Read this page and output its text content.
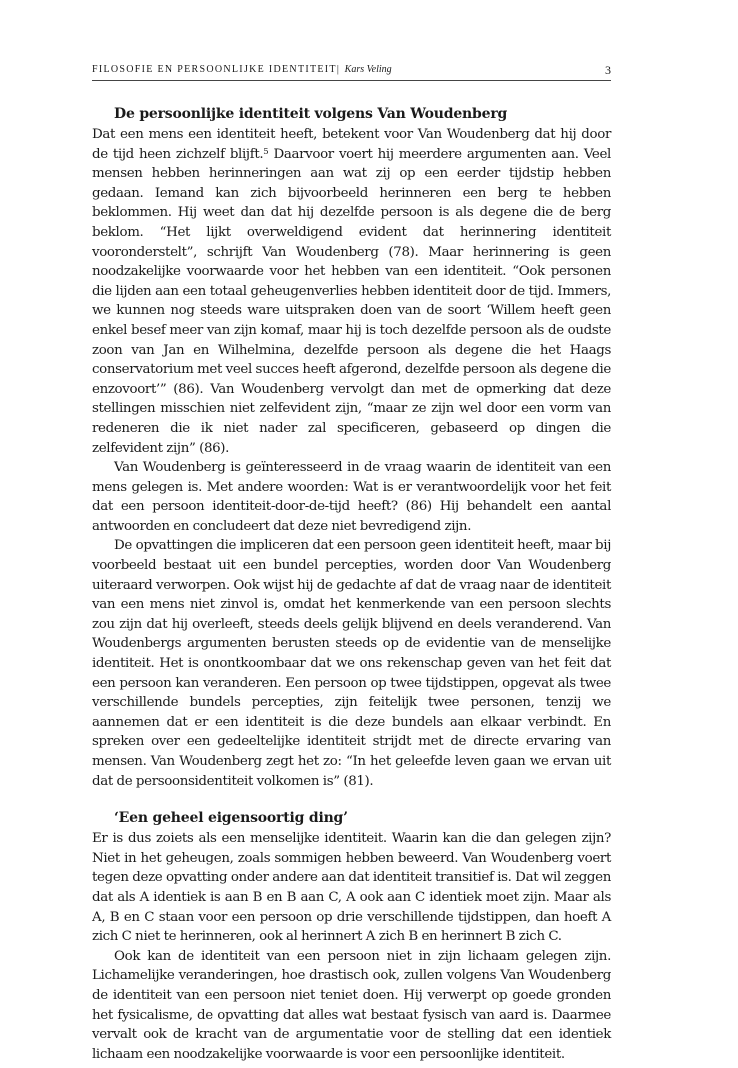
FILOSOFIE EN PERSOONLIJKE IDENTITEIT| Kars Veling	3
De persoonlijke identiteit volgens Van Woudenberg

Dat een mens een identiteit heeft, betekent voor Van Woudenberg dat hij door de tijd heen zichzelf blijft.$^5$ Daarvoor voert hij meerdere argumenten aan. Veel mensen hebben herinneringen aan wat zij op een eerder tijdstip hebben gedaan. Iemand kan zich bijvoorbeeld herinneren een berg te hebben beklommen. Hij weet dan dat hij dezelfde persoon is als degene die de berg beklom. “Het lijkt overweldigend evident dat herinnering identiteit vooronderstelt”, schrijft Van Woudenberg (78). Maar herinnering is geen noodzakelijke voorwaarde voor het hebben van een identiteit. “Ook personen die lijden aan een totaal geheugenverlies hebben identiteit door de tijd. Immers, we kunnen nog steeds ware uitspraken doen van de soort ‘Willem heeft geen enkel besef meer van zijn komaf, maar hij is toch dezelfde persoon als de oudste zoon van Jan en Wilhelmina, dezelfde persoon als degene die het Haags conservatorium met veel succes heeft afgerond, dezelfde persoon als degene die enzovoort’” (86). Van Woudenberg vervolgt dan met de opmerking dat deze stellingen misschien niet zelfevident zijn, “maar ze zijn wel door een vorm van redeneren die ik niet nader zal specificeren, gebaseerd op dingen die zelfevident zijn” (86).

Van Woudenberg is geïnteresseerd in de vraag waarin de identiteit van een mens gelegen is. Met andere woorden: Wat is er verantwoordelijk voor het feit dat een persoon identiteit-door-de-tijd heeft? (86) Hij behandelt een aantal antwoorden en concludeert dat deze niet bevredigend zijn.

De opvattingen die impliceren dat een persoon geen identiteit heeft, maar bij voorbeeld bestaat uit een bundel percepties, worden door Van Woudenberg uiteraard verworpen. Ook wijst hij de gedachte af dat de vraag naar de identiteit van een mens niet zinvol is, omdat het kenmerkende van een persoon slechts zou zijn dat hij overleeft, steeds deels gelijk blijvend en deels veranderend. Van Woudenbergs argumenten berusten steeds op de evidentie van de menselijke identiteit. Het is onontkoombaar dat we ons rekenschap geven van het feit dat een persoon kan veranderen. Een persoon op twee tijdstippen, opgevat als twee verschillende bundels percepties, zijn feitelijk twee personen, tenzij we aannemen dat er een identiteit is die deze bundels aan elkaar verbindt. En spreken over een gedeeltelijke identiteit strijdt met de directe ervaring van mensen. Van Woudenberg zegt het zo: “In het geleefde leven gaan we ervan uit dat de persoonsidentiteit volkomen is” (81).

‘Een geheel eigensoortig ding’

Er is dus zoiets als een menselijke identiteit. Waarin kan die dan gelegen zijn? Niet in het geheugen, zoals sommigen hebben beweerd. Van Woudenberg voert tegen deze opvatting onder andere aan dat identiteit transitief is. Dat wil zeggen dat als A identiek is aan B en B aan C, A ook aan C identiek moet zijn. Maar als A, B en C staan voor een persoon op drie verschillende tijdstippen, dan hoeft A zich C niet te herinneren, ook al herinnert A zich B en herinnert B zich C.

Ook kan de identiteit van een persoon niet in zijn lichaam gelegen zijn. Lichamelijke veranderingen, hoe drastisch ook, zullen volgens Van Woudenberg de identiteit van een persoon niet teniet doen. Hij verwerpt op goede gronden het fysicalisme, de opvatting dat alles wat bestaat fysisch van aard is. Daarmee vervalt ook de kracht van de argumentatie voor de stelling dat een identiek lichaam een noodzakelijke voorwaarde is voor een persoonlijke identiteit.
